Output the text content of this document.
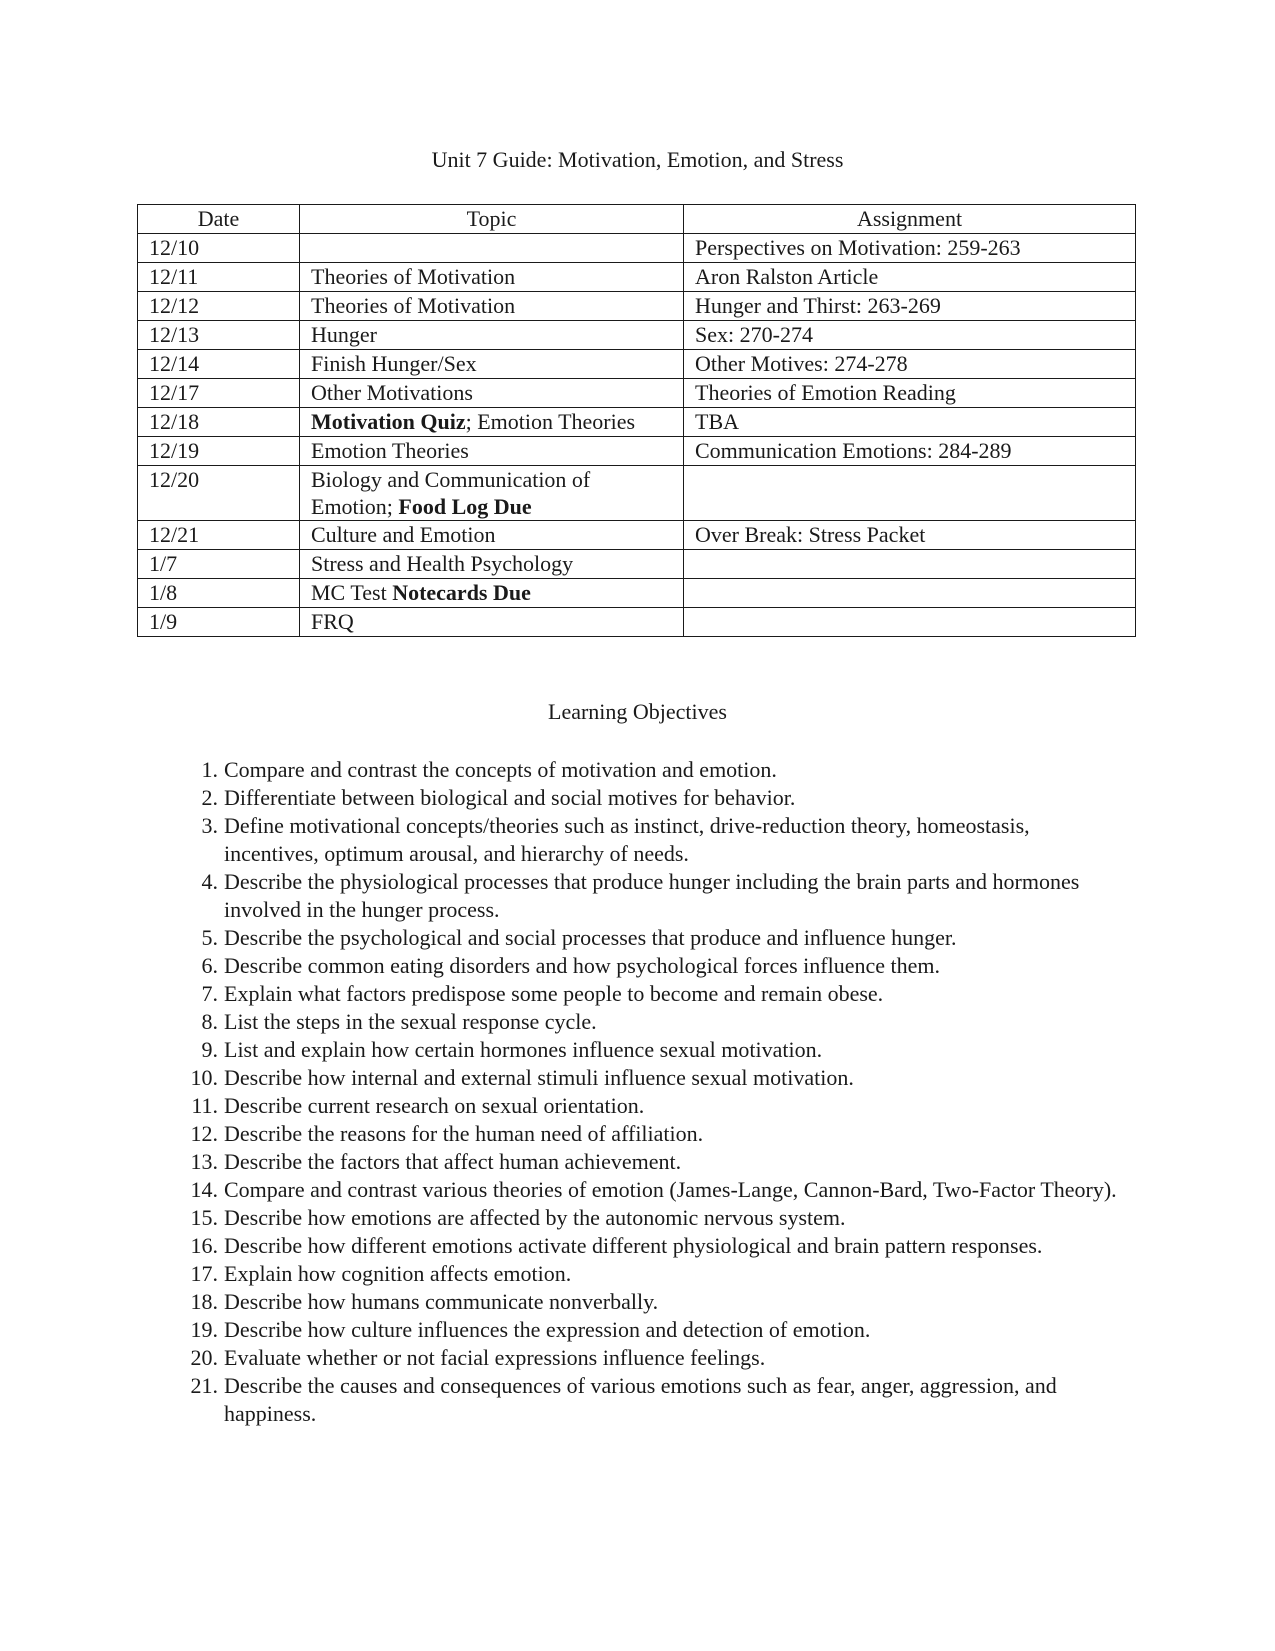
Unit 7 Guide: Motivation, Emotion, and Stress
Date	Topic	Assignment
12/10		Perspectives on Motivation: 259-263
12/11	Theories of Motivation	Aron Ralston Article
12/12	Theories of Motivation	Hunger and Thirst: 263-269
12/13	Hunger	Sex: 270-274
12/14	Finish Hunger/Sex	Other Motives: 274-278
12/17	Other Motivations	Theories of Emotion Reading
12/18	Motivation Quiz; Emotion Theories	TBA
12/19	Emotion Theories	Communication Emotions: 284-289
12/20	Biology and Communication of Emotion; Food Log Due	
12/21	Culture and Emotion	Over Break: Stress Packet
1/7	Stress and Health Psychology	
1/8	MC Test Notecards Due	
1/9	FRQ	
Learning Objectives
1. Compare and contrast the concepts of motivation and emotion.
2. Differentiate between biological and social motives for behavior.
3. Define motivational concepts/theories such as instinct, drive-reduction theory, homeostasis, incentives, optimum arousal, and hierarchy of needs.
4. Describe the physiological processes that produce hunger including the brain parts and hormones involved in the hunger process.
5. Describe the psychological and social processes that produce and influence hunger.
6. Describe common eating disorders and how psychological forces influence them.
7. Explain what factors predispose some people to become and remain obese.
8. List the steps in the sexual response cycle.
9. List and explain how certain hormones influence sexual motivation.
10. Describe how internal and external stimuli influence sexual motivation.
11. Describe current research on sexual orientation.
12. Describe the reasons for the human need of affiliation.
13. Describe the factors that affect human achievement.
14. Compare and contrast various theories of emotion (James-Lange, Cannon-Bard, Two-Factor Theory).
15. Describe how emotions are affected by the autonomic nervous system.
16. Describe how different emotions activate different physiological and brain pattern responses.
17. Explain how cognition affects emotion.
18. Describe how humans communicate nonverbally.
19. Describe how culture influences the expression and detection of emotion.
20. Evaluate whether or not facial expressions influence feelings.
21. Describe the causes and consequences of various emotions such as fear, anger, aggression, and happiness.
